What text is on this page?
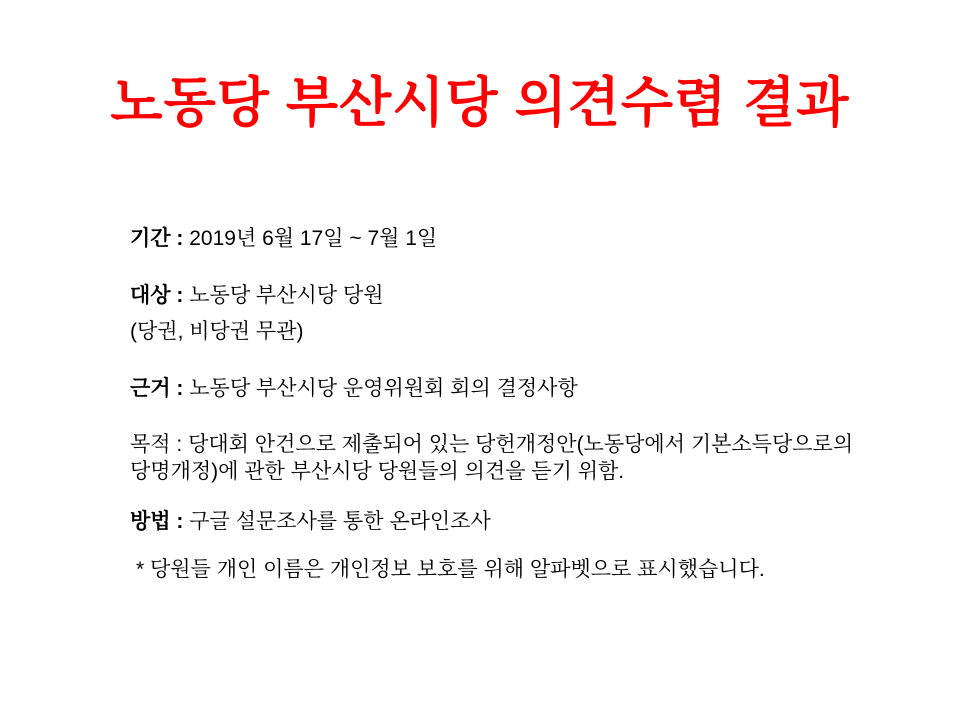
노동당 부산시당 의견수렴 결과

기간 : 2019년 6월 17일 ~ 7월 1일

대상 : 노동당 부산시당 당원

(당권, 비당권 무관)

근거 : 노동당 부산시당 운영위원회 회의 결정사항

목적 : 당대회 안건으로 제출되어 있는 당헌개정안(노동당에서 기본소득당으로의 당명개정)에 관한 부산시당 당원들의 의견을 듣기 위함.

방법 : 구글 설문조사를 통한 온라인조사

* 당원들 개인 이름은 개인정보 보호를 위해 알파벳으로 표시했습니다.
